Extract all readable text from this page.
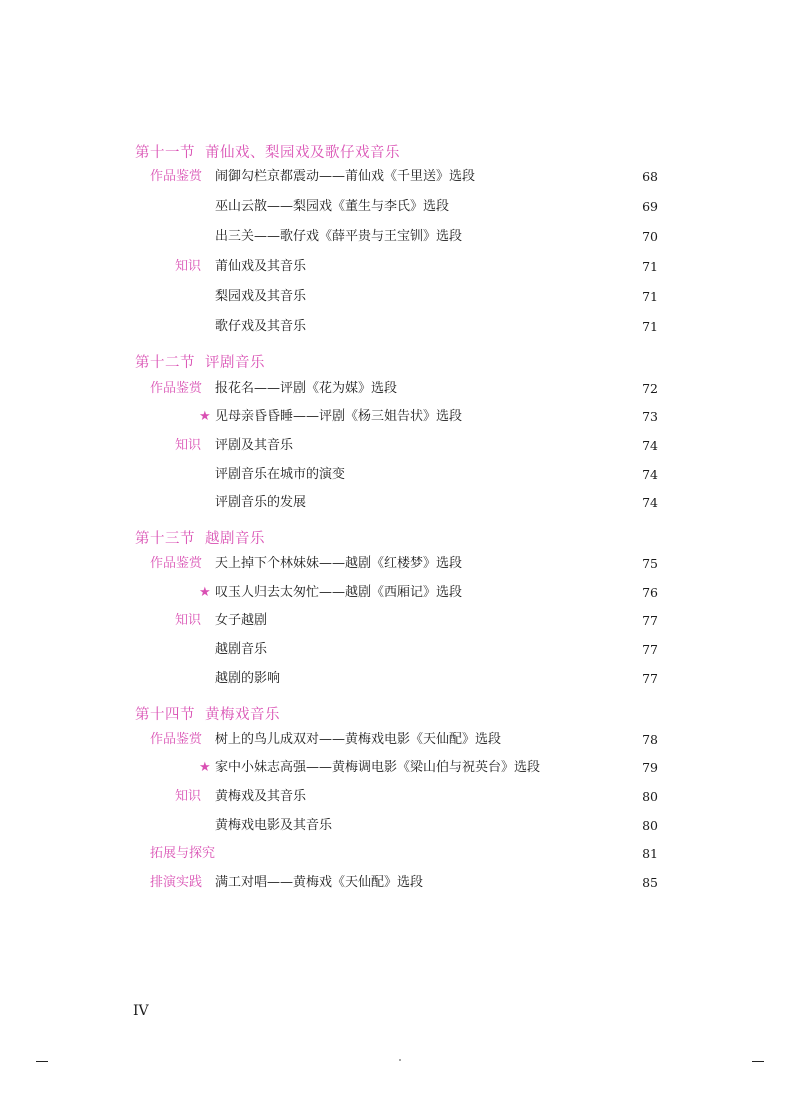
第十一节 莆仙戏、梨园戏及歌仔戏音乐
作品鉴赏 闹御勾栏京都震动——莆仙戏《千里送》选段	68
巫山云散——梨园戏《董生与李氏》选段	69
出三关——歌仔戏《薛平贵与王宝钏》选段	70
知识 莆仙戏及其音乐	71
梨园戏及其音乐	71
歌仔戏及其音乐	71
第十二节 评剧音乐
作品鉴赏 报花名——评剧《花为媒》选段	72
★ 见母亲昏昏睡——评剧《杨三姐告状》选段	73
知识 评剧及其音乐	74
评剧音乐在城市的演变	74
评剧音乐的发展	74
第十三节 越剧音乐
作品鉴赏 天上掉下个林妹妹——越剧《红楼梦》选段	75
★ 叹玉人归去太匆忙——越剧《西厢记》选段	76
知识 女子越剧	77
越剧音乐	77
越剧的影响	77
第十四节 黄梅戏音乐
作品鉴赏 树上的鸟儿成双对——黄梅戏电影《天仙配》选段	78
★ 家中小妹志高强——黄梅调电影《梁山伯与祝英台》选段	79
知识 黄梅戏及其音乐	80
黄梅戏电影及其音乐	80
拓展与探究	81
排演实践 满工对唱——黄梅戏《天仙配》选段	85
IV
